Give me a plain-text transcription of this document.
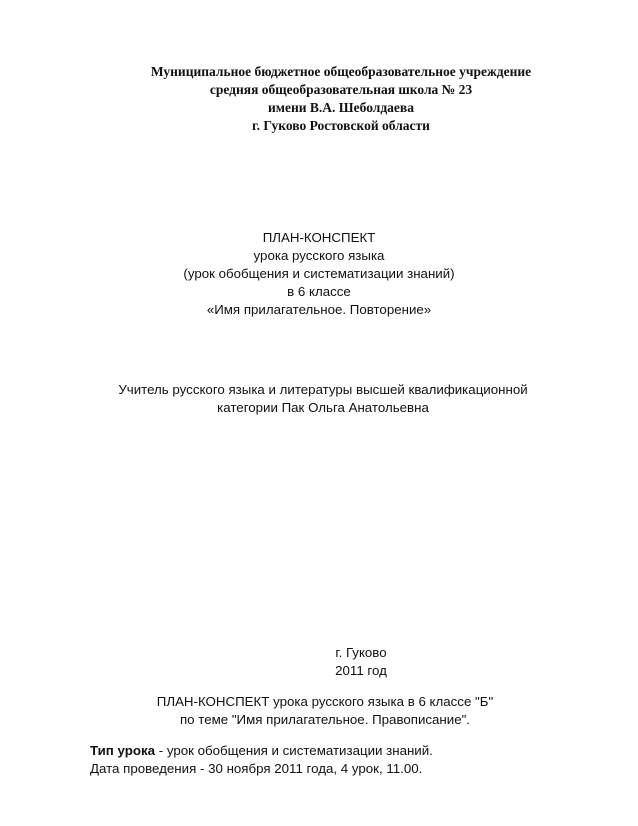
Муниципальное бюджетное общеобразовательное учреждение
средняя общеобразовательная школа № 23
имени В.А. Шеболдаева
г. Гуково Ростовской области
ПЛАН-КОНСПЕКТ
урока русского языка
(урок обобщения и систематизации знаний)
в 6 классе
«Имя прилагательное. Повторение»
Учитель русского языка и литературы высшей квалификационной
категории Пак Ольга Анатольевна
г. Гуково
2011 год
ПЛАН-КОНСПЕКТ урока русского языка в 6 классе "Б"
по теме "Имя прилагательное. Правописание".
Тип урока - урок обобщения и систематизации знаний.
Дата проведения - 30 ноября 2011 года, 4 урок, 11.00.
